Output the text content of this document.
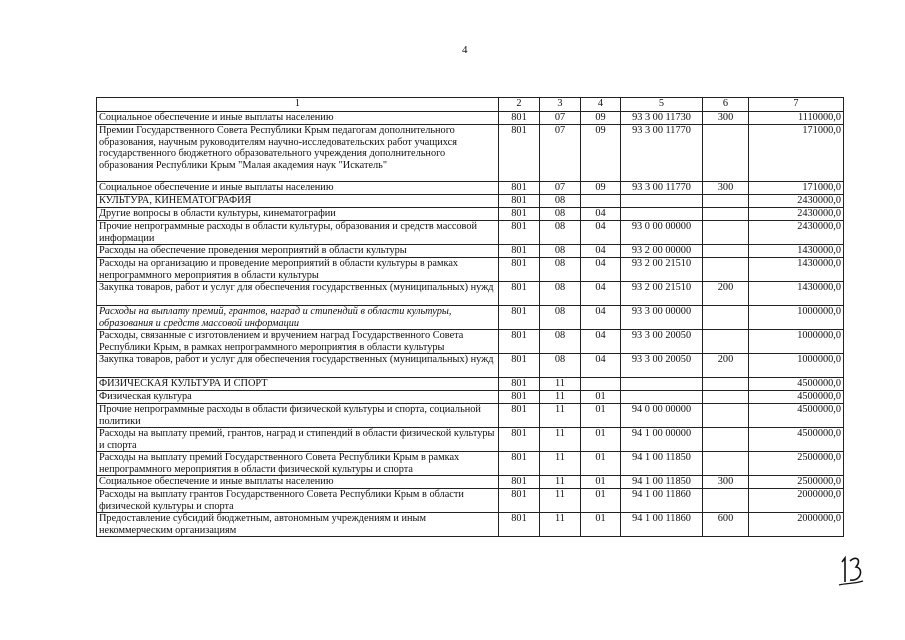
4
1	2	3	4	5	6	7
Социальное обеспечение и иные выплаты населению	801	07	09	93 3 00 11730	300	1110000,0
Премии Государственного Совета Республики Крым педагогам дополнительного образования, научным руководителям научно-исследовательских работ учащихся государственного бюджетного образовательного учреждения дополнительного образования Республики Крым "Малая академия наук "Искатель"	801	07	09	93 3 00 11770		171000,0
Социальное обеспечение и иные выплаты населению	801	07	09	93 3 00 11770	300	171000,0
КУЛЬТУРА, КИНЕМАТОГРАФИЯ	801	08				2430000,0
Другие вопросы в области культуры, кинематографии	801	08	04			2430000,0
Прочие непрограммные расходы в области культуры, образования и средств массовой информации	801	08	04	93 0 00 00000		2430000,0
Расходы на обеспечение проведения мероприятий в области культуры	801	08	04	93 2 00 00000		1430000,0
Расходы на организацию и проведение мероприятий в области культуры в рамках непрограммного мероприятия в области культуры	801	08	04	93 2 00 21510		1430000,0
Закупка товаров, работ и услуг для обеспечения государственных (муниципальных) нужд	801	08	04	93 2 00 21510	200	1430000,0
Расходы на выплату премий, грантов, наград и стипендий в области культуры, образования и средств массовой информации	801	08	04	93 3 00 00000		1000000,0
Расходы, связанные с изготовлением и вручением наград Государственного Совета Республики Крым, в рамках непрограммного мероприятия в области культуры	801	08	04	93 3 00 20050		1000000,0
Закупка товаров, работ и услуг для обеспечения государственных (муниципальных) нужд	801	08	04	93 3 00 20050	200	1000000,0
ФИЗИЧЕСКАЯ КУЛЬТУРА И СПОРТ	801	11				4500000,0
Физическая культура	801	11	01			4500000,0
Прочие непрограммные расходы в области физической культуры и спорта, социальной политики	801	11	01	94 0 00 00000		4500000,0
Расходы на выплату премий, грантов, наград и стипендий в области физической культуры и спорта	801	11	01	94 1 00 00000		4500000,0
Расходы на выплату премий Государственного Совета Республики Крым в рамках непрограммного мероприятия в области физической культуры и спорта	801	11	01	94 1 00 11850		2500000,0
Социальное обеспечение и иные выплаты населению	801	11	01	94 1 00 11850	300	2500000,0
Расходы на выплату грантов Государственного Совета Республики Крым в области физической культуры и спорта	801	11	01	94 1 00 11860		2000000,0
Предоставление субсидий бюджетным, автономным учреждениям и иным некоммерческим организациям	801	11	01	94 1 00 11860	600	2000000,0
